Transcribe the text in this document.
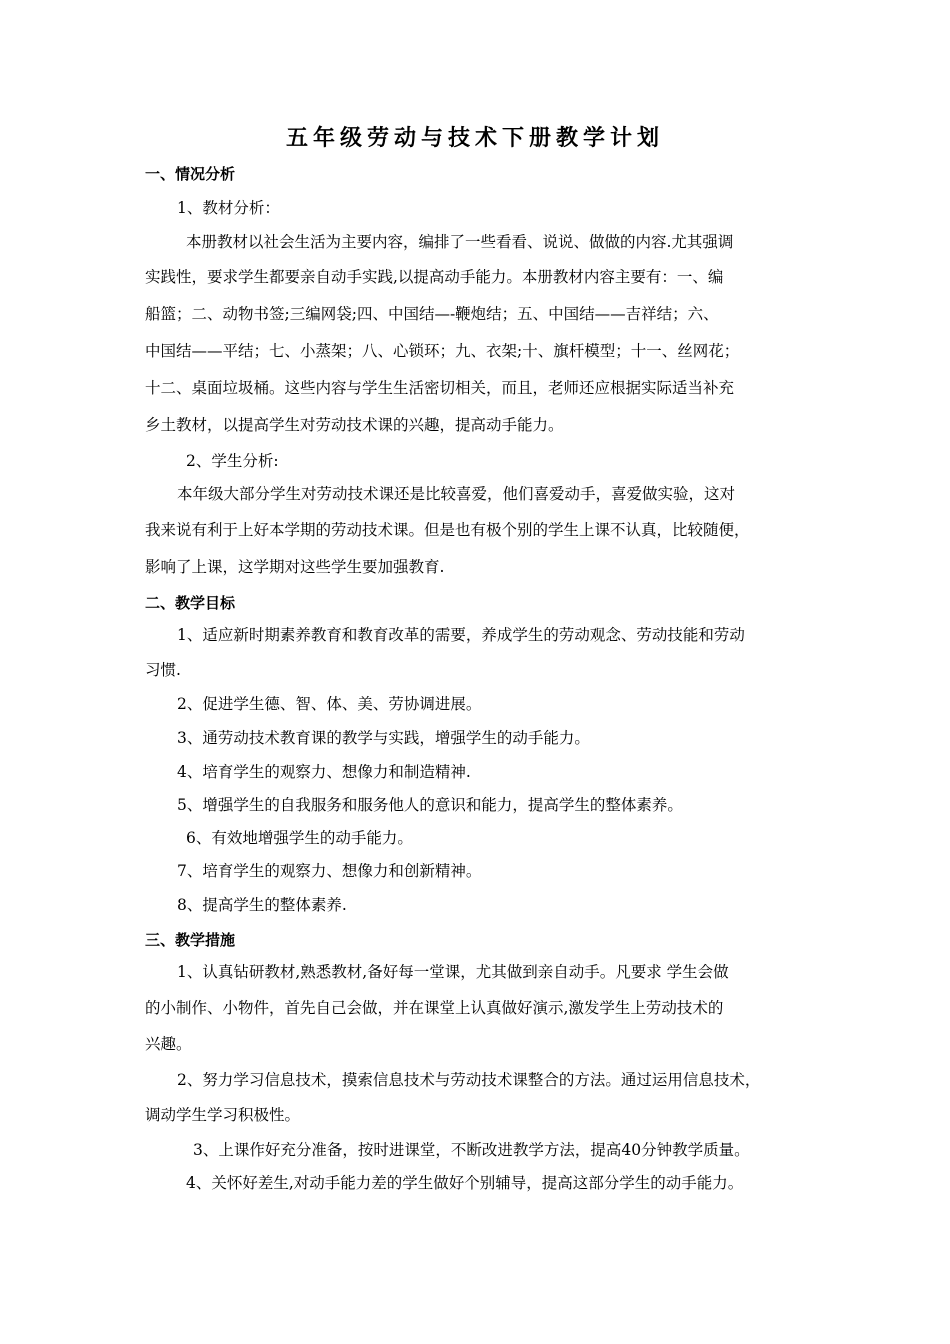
五年级劳动与技术下册教学计划
一、情况分析
1、教材分析：
本册教材以社会生活为主要内容，编排了一些看看、说说、做做的内容.尤其强调
实践性，要求学生都要亲自动手实践,以提高动手能力。本册教材内容主要有：一、编
船篮；二、动物书签;三编网袋;四、中国结—-鞭炮结；五、中国结——吉祥结；六、
中国结——平结；七、小蒸架；八、心锁环；九、衣架;十、旗杆模型；十一、丝网花；
十二、桌面垃圾桶。这些内容与学生生活密切相关，而且，老师还应根据实际适当补充
乡土教材，以提高学生对劳动技术课的兴趣，提高动手能力。
2、学生分析:
本年级大部分学生对劳动技术课还是比较喜爱，他们喜爱动手，喜爱做实验，这对
我来说有利于上好本学期的劳动技术课。但是也有极个别的学生上课不认真，比较随便，
影响了上课，这学期对这些学生要加强教育.
二、教学目标
1、适应新时期素养教育和教育改革的需要，养成学生的劳动观念、劳动技能和劳动
习惯.
2、促进学生德、智、体、美、劳协调进展。
3、通劳动技术教育课的教学与实践，增强学生的动手能力。
4、培育学生的观察力、想像力和制造精神.
5、增强学生的自我服务和服务他人的意识和能力，提高学生的整体素养。
6、有效地增强学生的动手能力。
7、培育学生的观察力、想像力和创新精神。
8、提高学生的整体素养.
三、教学措施
1、认真钻研教材,熟悉教材,备好每一堂课，尤其做到亲自动手。凡要求 学生会做
的小制作、小物件，首先自己会做，并在课堂上认真做好演示,激发学生上劳动技术的
兴趣。
2、努力学习信息技术，摸索信息技术与劳动技术课整合的方法。通过运用信息技术，
调动学生学习积极性。
3、上课作好充分准备，按时进课堂，不断改进教学方法，提高40分钟教学质量。
4、关怀好差生,对动手能力差的学生做好个别辅导，提高这部分学生的动手能力。
